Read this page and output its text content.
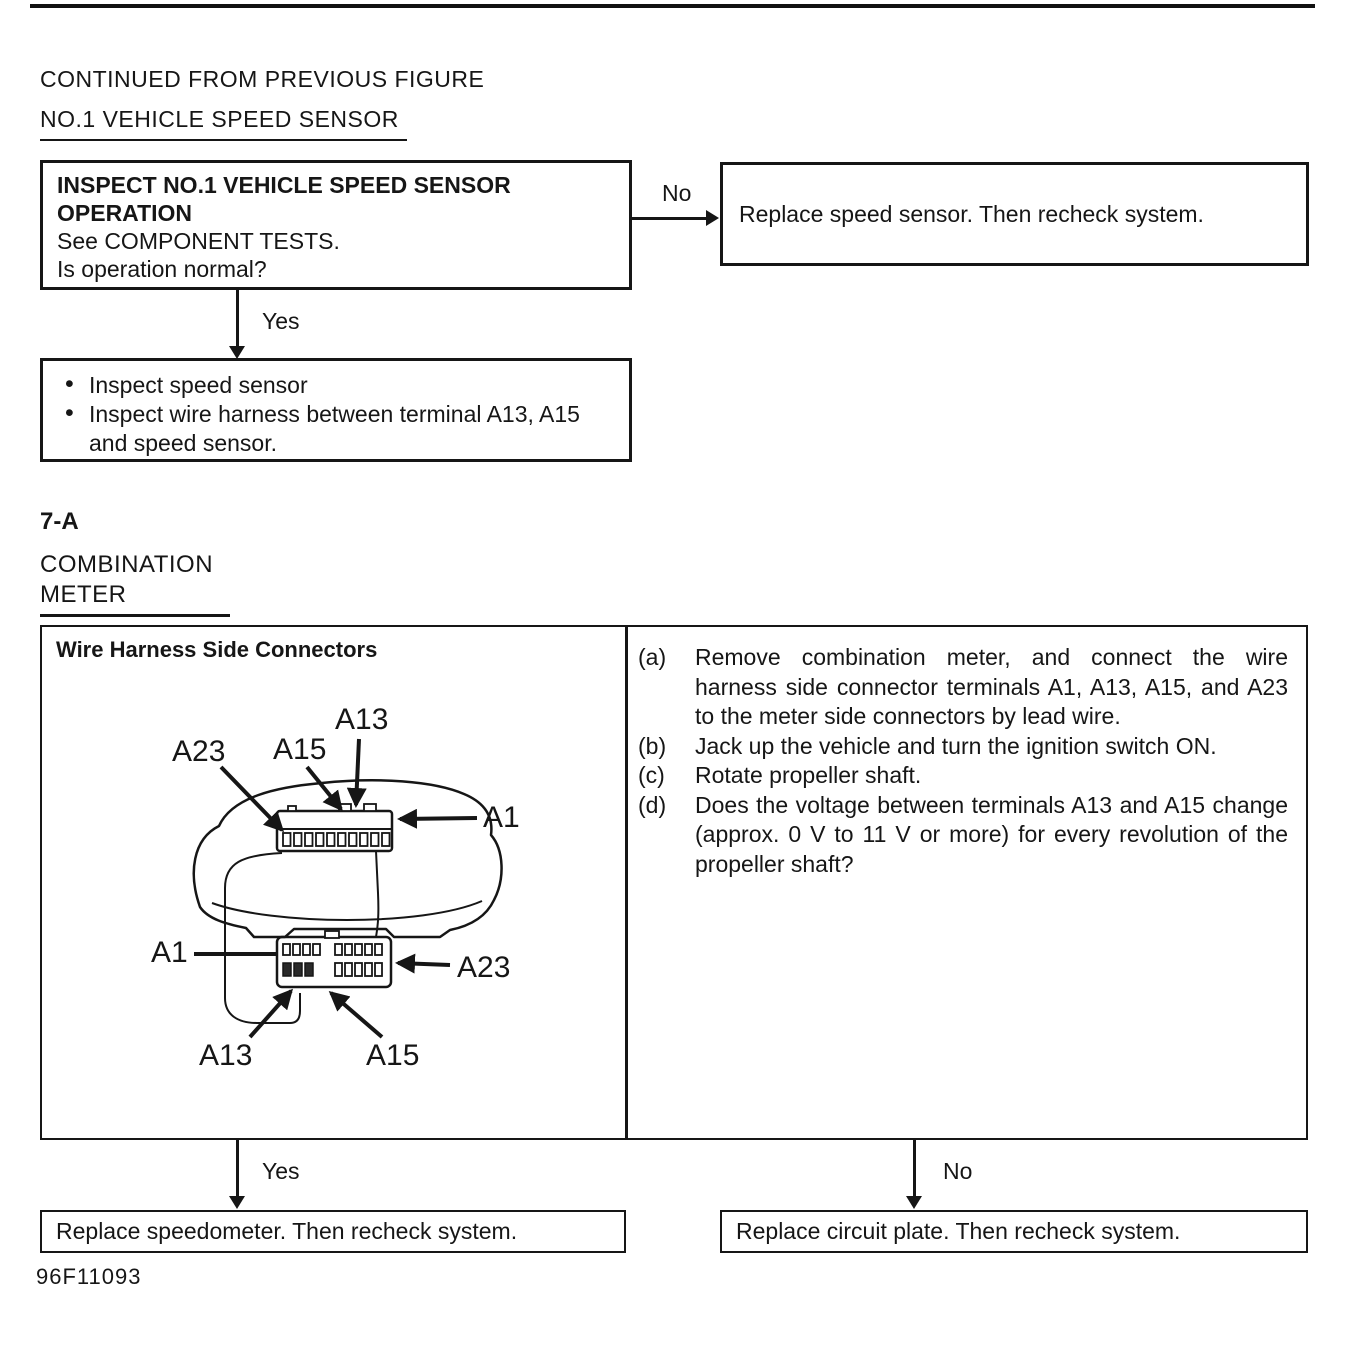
CONTINUED FROM PREVIOUS FIGURE
NO.1 VEHICLE SPEED SENSOR
INSPECT NO.1 VEHICLE SPEED SENSOR OPERATION
See COMPONENT TESTS.
Is operation normal?
No
Replace speed sensor. Then recheck system.
Yes
• Inspect speed sensor
• Inspect wire harness between terminal A13, A15 and speed sensor.
7-A
COMBINATION
METER
Wire Harness Side Connectors
A13
A23 A15
A1
A1	A23
A13	A15
(a)	Remove combination meter, and connect the wire harness side connector terminals A1, A13, A15, and A23 to the meter side connectors by lead wire.
(b)	Jack up the vehicle and turn the ignition switch ON.
(c)	Rotate propeller shaft.
(d)	Does the voltage between terminals A13 and A15 change (approx. 0 V to 11 V or more) for every revolution of the propeller shaft?
Yes	No
Replace speedometer. Then recheck system.	Replace circuit plate. Then recheck system.
96F11093
